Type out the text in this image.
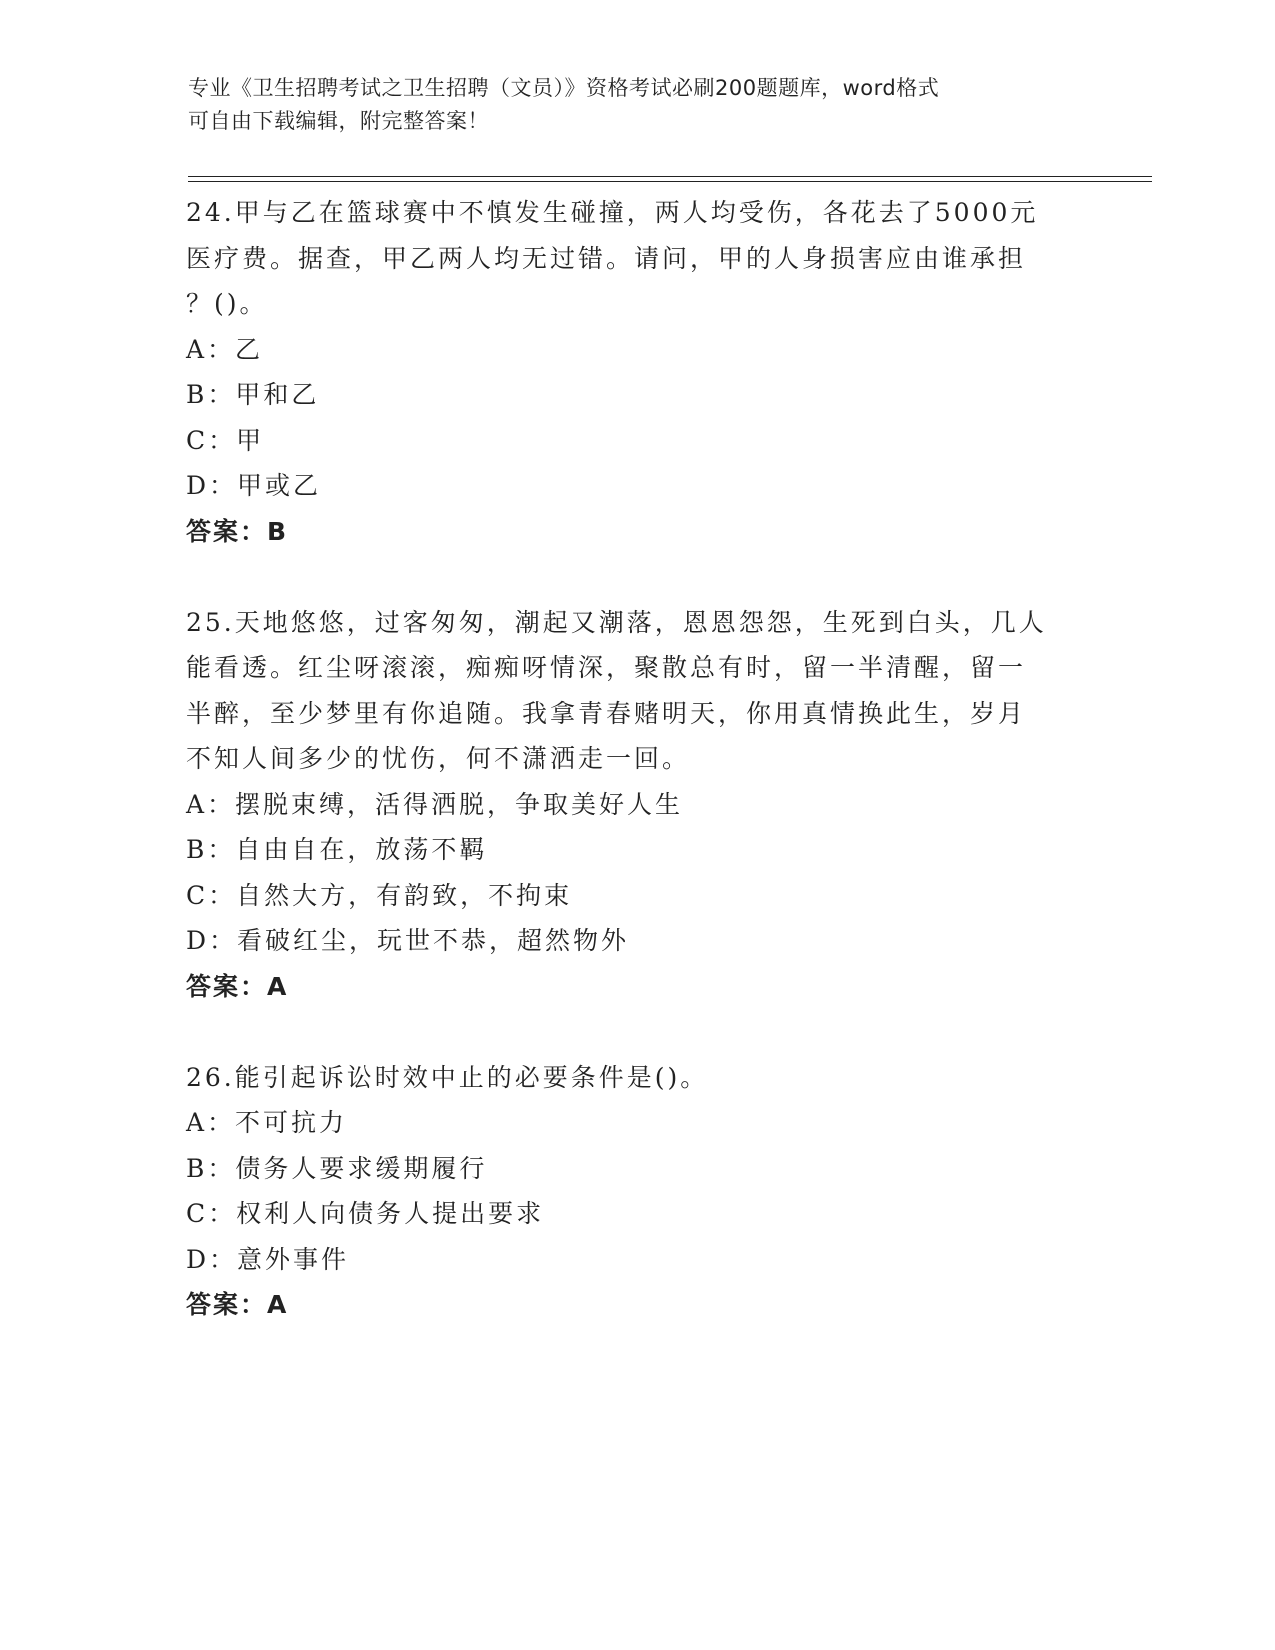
专业《卫生招聘考试之卫生招聘（文员）》资格考试必刷200题题库，word格式
可自由下载编辑，附完整答案！
24.甲与乙在篮球赛中不慎发生碰撞，两人均受伤，各花去了5000元
医疗费。据查，甲乙两人均无过错。请问，甲的人身损害应由谁承担
？()。
A：乙
B：甲和乙
C：甲
D：甲或乙
答案：B
25.天地悠悠，过客匆匆，潮起又潮落，恩恩怨怨，生死到白头，几人
能看透。红尘呀滚滚，痴痴呀情深，聚散总有时，留一半清醒，留一
半醉，至少梦里有你追随。我拿青春赌明天，你用真情换此生，岁月
不知人间多少的忧伤，何不潇洒走一回。
A：摆脱束缚，活得洒脱，争取美好人生
B：自由自在，放荡不羁
C：自然大方，有韵致，不拘束
D：看破红尘，玩世不恭，超然物外
答案：A
26.能引起诉讼时效中止的必要条件是()。
A：不可抗力
B：债务人要求缓期履行
C：权利人向债务人提出要求
D：意外事件
答案：A
